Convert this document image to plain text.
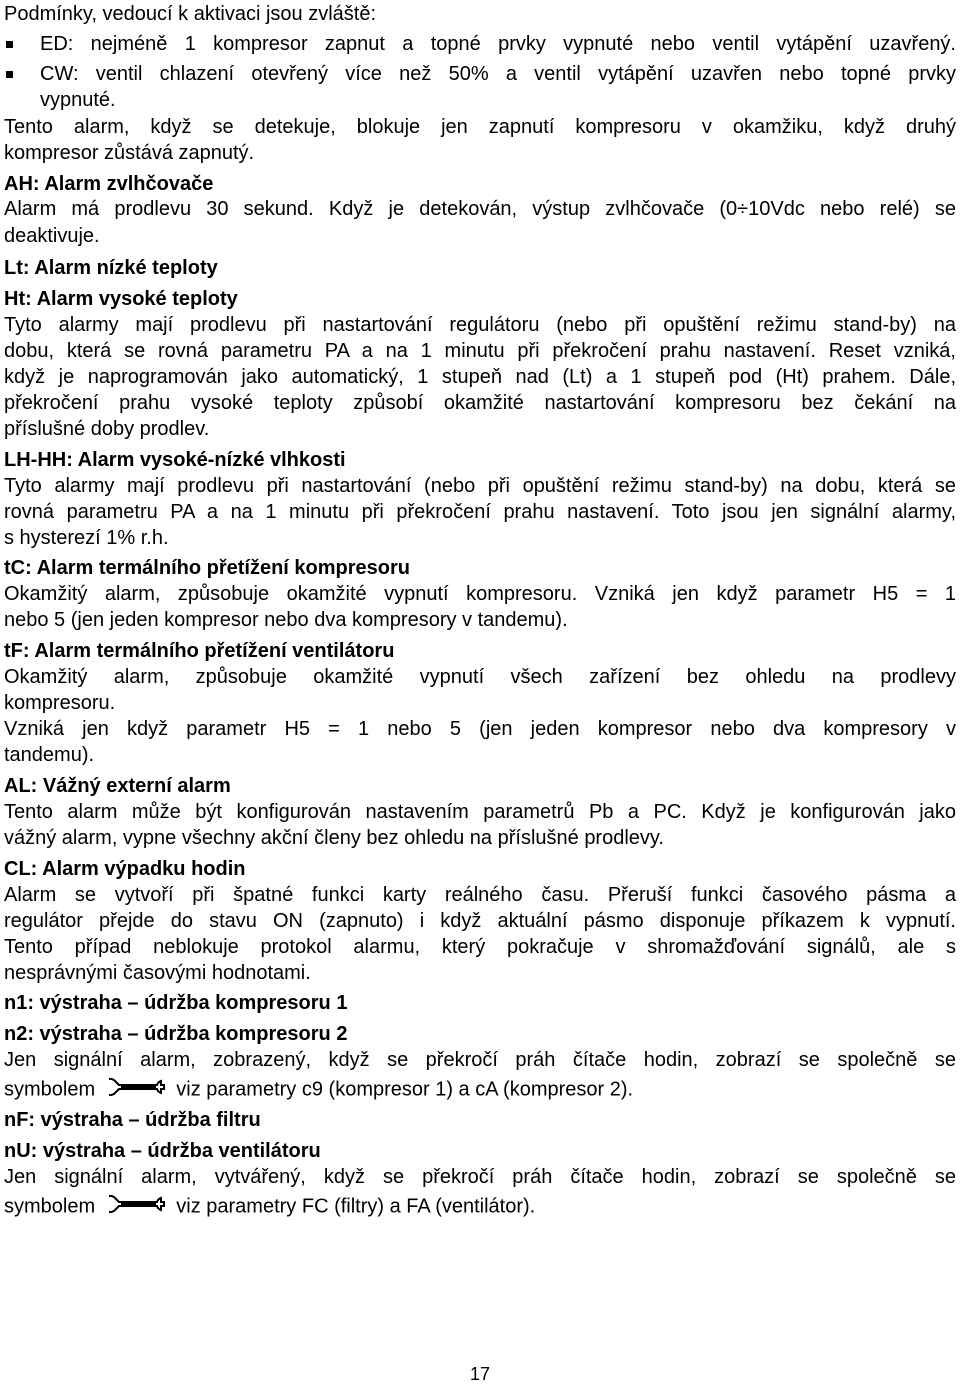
Podmínky, vedoucí k aktivaci jsou zvláště:
ED: nejméně 1 kompresor zapnut a topné prvky vypnuté nebo ventil vytápění uzavřený.
CW: ventil chlazení otevřený více než 50% a ventil vytápění uzavřen nebo topné prvky
vypnuté.
Tento alarm, když se detekuje, blokuje jen zapnutí kompresoru v okamžiku, když druhý
kompresor zůstává zapnutý.
AH: Alarm zvlhčovače
Alarm má prodlevu 30 sekund. Když je detekován, výstup zvlhčovače (0÷10Vdc nebo relé) se
deaktivuje.
Lt: Alarm nízké teploty
Ht: Alarm vysoké teploty
Tyto alarmy mají prodlevu při nastartování regulátoru (nebo při opuštění režimu stand-by) na
dobu, která se rovná parametru PA a na 1 minutu při překročení prahu nastavení. Reset vzniká,
když je naprogramován jako automatický, 1 stupeň nad (Lt) a 1 stupeň pod (Ht) prahem. Dále,
překročení prahu vysoké teploty způsobí okamžité nastartování kompresoru bez čekání na
příslušné doby prodlev.
LH-HH: Alarm vysoké-nízké vlhkosti
Tyto alarmy mají prodlevu při nastartování (nebo při opuštění režimu stand-by) na dobu, která se
rovná parametru PA a na 1 minutu při překročení prahu nastavení. Toto jsou jen signální alarmy,
s hysterezí 1% r.h.
tC: Alarm termálního přetížení kompresoru
Okamžitý alarm, způsobuje okamžité vypnutí kompresoru. Vzniká jen když parametr H5 = 1
nebo 5 (jen jeden kompresor nebo dva kompresory v tandemu).
tF: Alarm termálního přetížení ventilátoru
Okamžitý alarm, způsobuje okamžité vypnutí všech zařízení bez ohledu na prodlevy
kompresoru.
Vzniká jen když parametr H5 = 1 nebo 5 (jen jeden kompresor nebo dva kompresory v
tandemu).
AL: Vážný externí alarm
Tento alarm může být konfigurován nastavením parametrů Pb a PC. Když je konfigurován jako
vážný alarm, vypne všechny akční členy bez ohledu na příslušné prodlevy.
CL: Alarm výpadku hodin
Alarm se vytvoří při špatné funkci karty reálného času. Přeruší funkci časového pásma a
regulátor přejde do stavu ON (zapnuto) i když aktuální pásmo disponuje příkazem k vypnutí.
Tento případ neblokuje protokol alarmu, který pokračuje v shromažďování signálů, ale s
nesprávnými časovými hodnotami.
n1: výstraha – údržba kompresoru 1
n2: výstraha – údržba kompresoru 2
Jen signální alarm, zobrazený, když se překročí práh čítače hodin, zobrazí se společně se
symbolem	viz parametry c9 (kompresor 1) a cA (kompresor 2).
nF: výstraha – údržba filtru
nU: výstraha – údržba ventilátoru
Jen signální alarm, vytvářený, když se překročí práh čítače hodin, zobrazí se společně se
symbolem	viz parametry FC (filtry) a FA (ventilátor).
17
